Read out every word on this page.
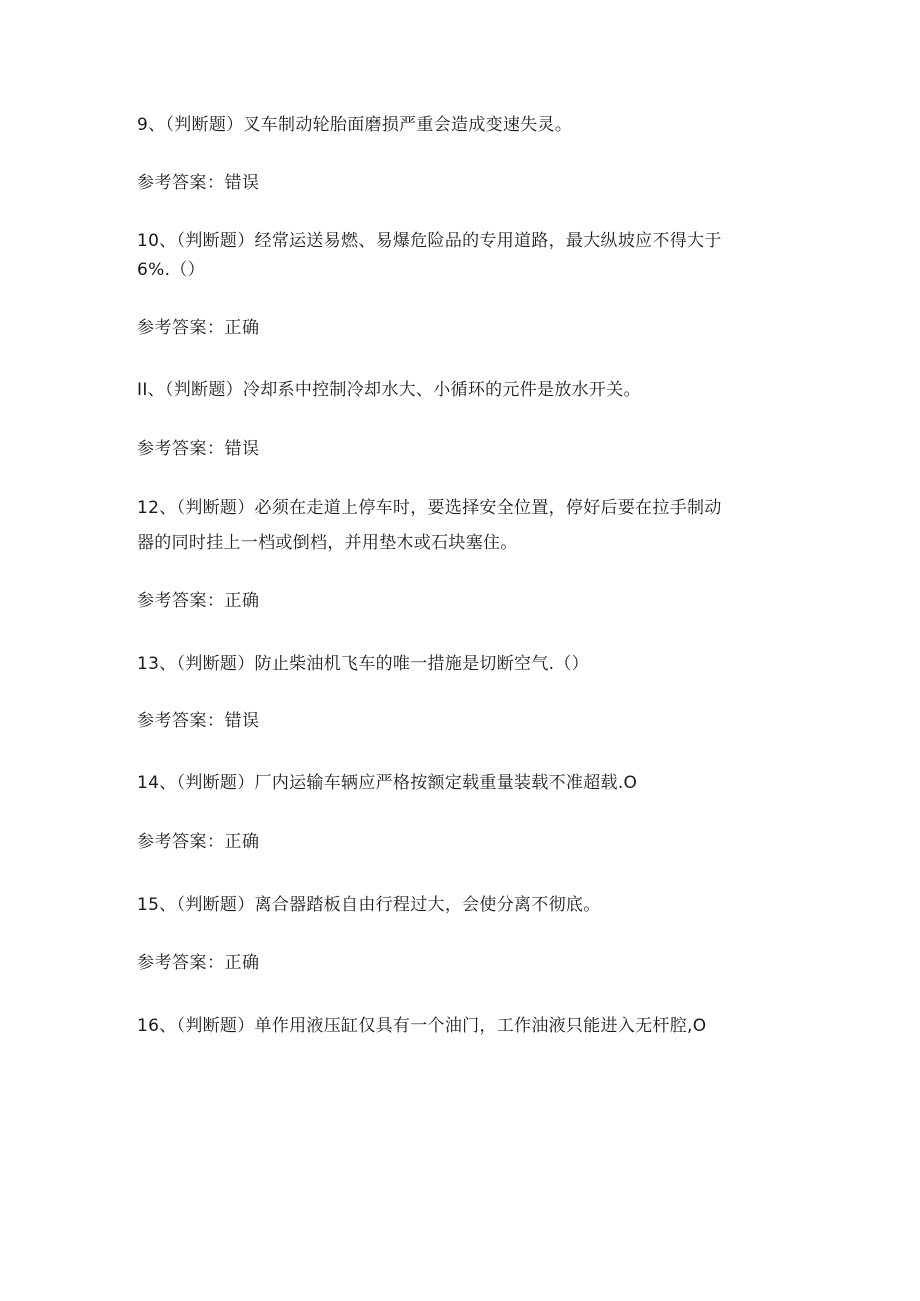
9、（判断题）叉车制动轮胎面磨损严重会造成变速失灵。
参考答案：错误
10、（判断题）经常运送易燃、易爆危险品的专用道路，最大纵坡应不得大于
6%.（）
参考答案：正确
II、（判断题）冷却系中控制冷却水大、小循环的元件是放水开关。
参考答案：错误
12、（判断题）必须在走道上停车时，要选择安全位置，停好后要在拉手制动
器的同时挂上一档或倒档，并用垫木或石块塞住。
参考答案：正确
13、（判断题）防止柴油机飞车的唯一措施是切断空气.（）
参考答案：错误
14、（判断题）厂内运输车辆应严格按额定载重量装载不准超载.O
参考答案：正确
15、（判断题）离合器踏板自由行程过大，会使分离不彻底。
参考答案：正确
16、（判断题）单作用液压缸仅具有一个油门，工作油液只能进入无杆腔,O
